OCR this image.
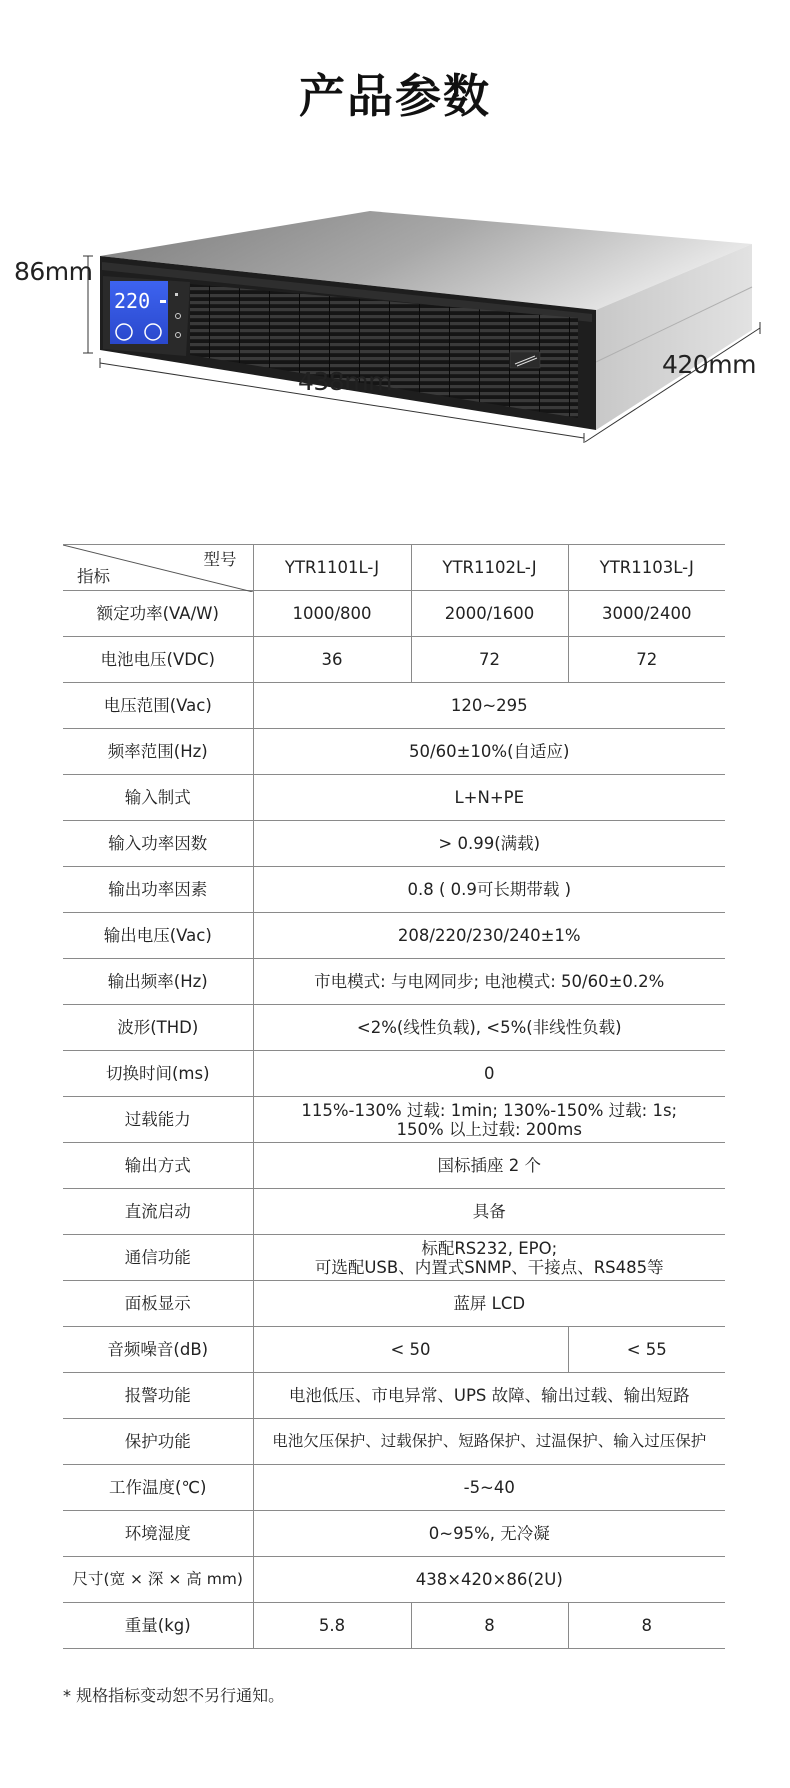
产品参数
220
86mm
438mm
420mm
型号
指标	YTR1101L-J	YTR1102L-J	YTR1103L-J
额定功率(VA/W)	1000/800	2000/1600	3000/2400
电池电压(VDC)	36	72	72
电压范围(Vac)	120~295		
频率范围(Hz)	50/60±10%(自适应)		
输入制式	L+N+PE		
输入功率因数	> 0.99(满载)		
输出功率因素	0.8 ( 0.9可长期带载 )		
输出电压(Vac)	208/220/230/240±1%		
输出频率(Hz)	市电模式: 与电网同步; 电池模式: 50/60±0.2%		
波形(THD)	<2%(线性负载), <5%(非线性负载)		
切换时间(ms)	0		
过载能力	115%-130% 过载: 1min; 130%-150% 过载: 1s;
150% 以上过载: 200ms		

输出方式	国标插座 2 个		
直流启动	具备		
通信功能	标配RS232, EPO;
可选配USB、内置式SNMP、干接点、RS485等		

面板显示	蓝屏 LCD		
音频噪音(dB)	< 50		< 55
报警功能	电池低压、市电异常、UPS 故障、输出过载、输出短路		
保护功能	电池欠压保护、过载保护、短路保护、过温保护、输入过压保护		
工作温度(℃)	-5~40		
环境湿度	0~95%, 无冷凝		
尺寸(宽 × 深 × 高 mm)	438×420×86(2U)		
重量(kg)	5.8	8	8
* 规格指标变动恕不另行通知。
